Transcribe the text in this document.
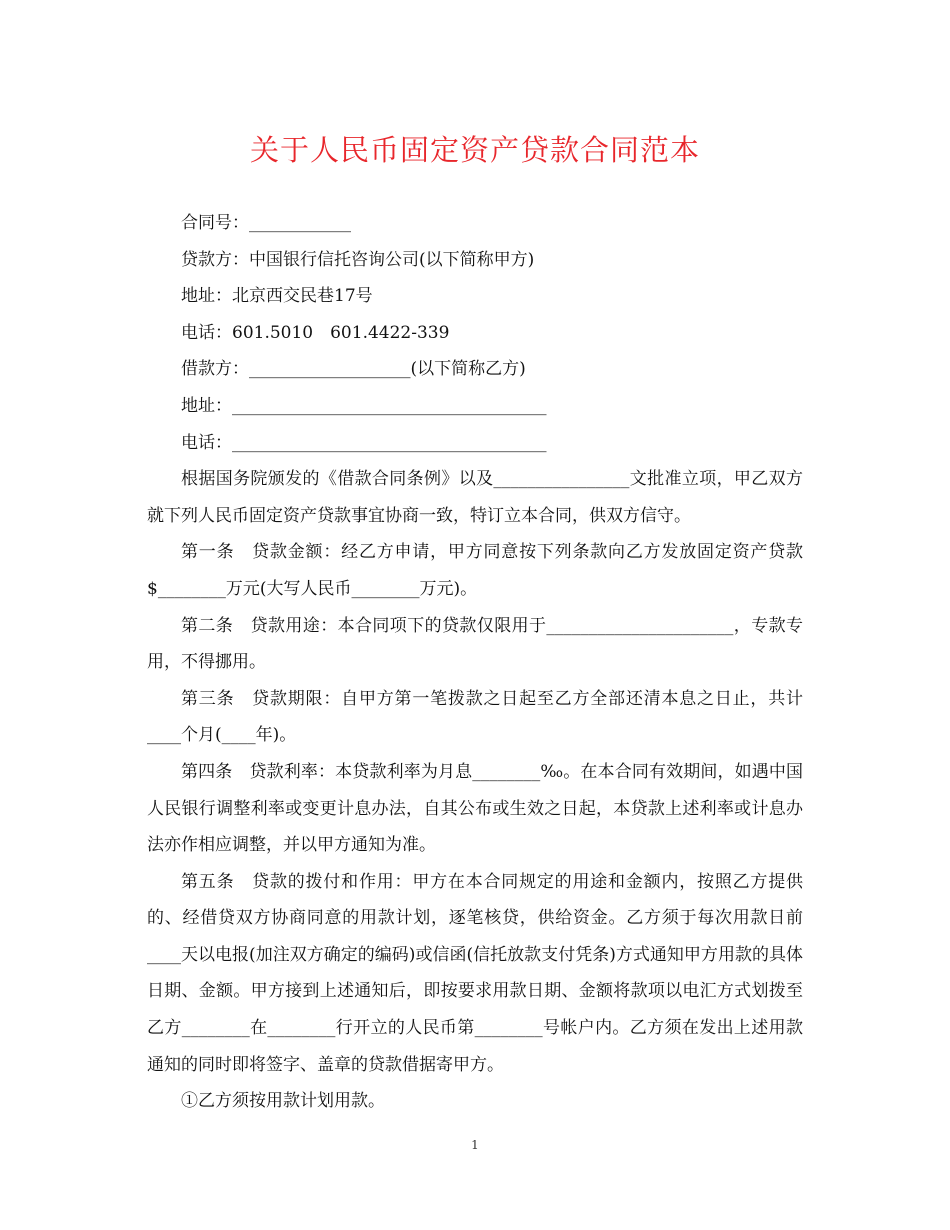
关于人民币固定资产贷款合同范本

合同号：____________

贷款方：中国银行信托咨询公司(以下简称甲方)

地址：北京西交民巷17号

电话：601.5010　601.4422-339

借款方：___________________(以下简称乙方)

地址：_____________________________________

电话：_____________________________________

根据国务院颁发的《借款合同条例》以及________________文批准立项，甲乙双方就下列人民币固定资产贷款事宜协商一致，特订立本合同，供双方信守。

第一条　贷款金额：经乙方申请，甲方同意按下列条款向乙方发放固定资产贷款$________万元(大写人民币________万元)。

第二条　贷款用途：本合同项下的贷款仅限用于______________________，专款专用，不得挪用。

第三条　贷款期限：自甲方第一笔拨款之日起至乙方全部还清本息之日止，共计____个月(____年)。

第四条　贷款利率：本贷款利率为月息________‰。在本合同有效期间，如遇中国人民银行调整利率或变更计息办法，自其公布或生效之日起，本贷款上述利率或计息办法亦作相应调整，并以甲方通知为准。

第五条　贷款的拨付和作用：甲方在本合同规定的用途和金额内，按照乙方提供的、经借贷双方协商同意的用款计划，逐笔核贷，供给资金。乙方须于每次用款日前____天以电报(加注双方确定的编码)或信函(信托放款支付凭条)方式通知甲方用款的具体日期、金额。甲方接到上述通知后，即按要求用款日期、金额将款项以电汇方式划拨至乙方________在________行开立的人民币第________号帐户内。乙方须在发出上述用款通知的同时即将签字、盖章的贷款借据寄甲方。

①乙方须按用款计划用款。

1
